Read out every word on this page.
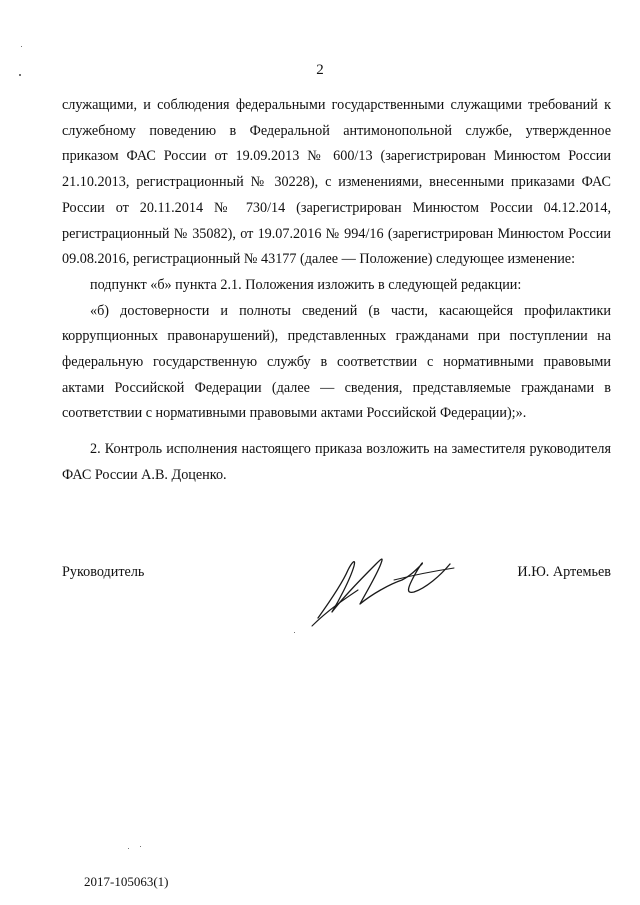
2

служащими, и соблюдения федеральными государственными служащими требований к служебному поведению в Федеральной антимонопольной службе, утвержденное приказом ФАС России от 19.09.2013 № 600/13 (зарегистрирован Минюстом России 21.10.2013, регистрационный № 30228), с изменениями, внесенными приказами ФАС России от 20.11.2014 № 730/14 (зарегистрирован Минюстом России 04.12.2014, регистрационный № 35082), от 19.07.2016 № 994/16 (зарегистрирован Минюстом России 09.08.2016, регистрационный № 43177 (далее — Положение) следующее изменение:

подпункт «б» пункта 2.1. Положения изложить в следующей редакции:

«б) достоверности и полноты сведений (в части, касающейся профилактики коррупционных правонарушений), представленных гражданами при поступлении на федеральную государственную службу в соответствии с нормативными правовыми актами Российской Федерации (далее — сведения, представляемые гражданами в соответствии с нормативными правовыми актами Российской Федерации);».

2. Контроль исполнения настоящего приказа возложить на заместителя руководителя ФАС России А.В. Доценко.

Руководитель	И.Ю. Артемьев
2017-105063(1)
